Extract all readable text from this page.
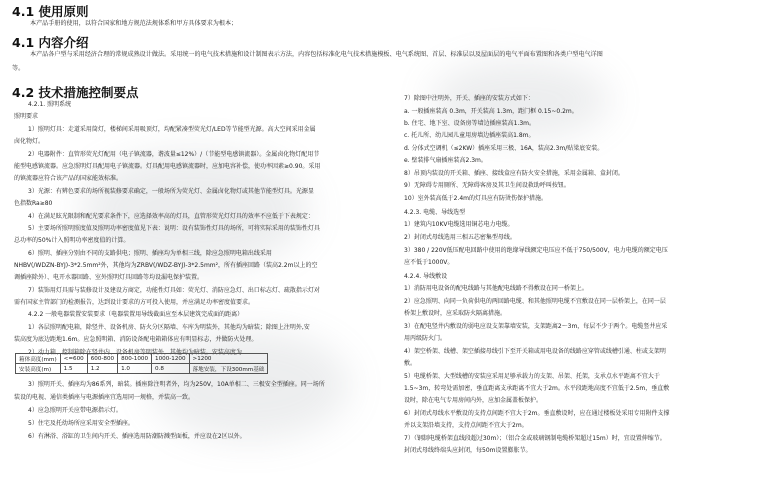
4.1 使用原则
本产品手册的使用，以符合国家和地方规范法规体系和甲方具体要求为根本；
4.1 内容介绍
本产品各户型与采用经济合理的常规成熟设计做法。采用统一的电气技术措施和设计制图表示方法，内容包括标准化电气技术措施模板、电气系统图、首层、标准层以及屋面层的电气平面布置图和各类户型电气详图
等。
4.2 技术措施控制要点
4.2.1. 照明系统
照明要求
1）照明灯具：走道采用筒灯，楼梯间采用吸顶灯，均配紧凑型荧光灯/LED等节能型光源。高大空间采用金属
卤化物灯。
2）电器附件：直管形荧光灯配用（电子镇流器，谐波量≤12%）/（节能型电感镇流器）。金属卤化物灯配用节
能型电感镇流器。应急照明灯具配用电子镇流器。灯具配用电感镇流器时，应加电容补偿，使功率因素≥0.90。采用
的镇流器应符合该产品的国家能效标准。
3）光源：有辨色要求的场所视装修要求确定，一般场所为荧光灯、金属卤化物灯或其他节能型灯具。光源显
色指数Ra≥80
4）在满足眩光限制和配光要求条件下，应选择效率高的灯具，直管形荧光灯灯具的效率不应低于下表规定：
5）主要场所照明照度值及照明功率密度值见下表：说明：设有装饰性灯具的场所，可将实际采用的装饰性灯具
总功率的50%计入照明功率密度值的计算。
6）照明、插座分别由不同的支路供电；照明、插座均为单相三线，除应急照明电箱出线采用
NHBV(/WDZN-BYJ)-3*2.5mm²外，其他均为ZRBV(/WDZ-BYJ)-3*2.5mm²，所有插座回路（装高2.2m以上的空
调插座除外）、电开水器回路、室外照明灯具回路等均设漏电保护装置。
7）装饰用灯具需与装修设计及建设方商定，功能性灯具如：荧光灯、消防应急灯、出口标志灯、疏散指示灯对
需有国家主管部门的检测报告，达到设计要求的方可投入使用，并应满足功率密度值要求。
4.2.2 一般电器装置安装要求（电器装置用导线截面应至本层建筑完成面的距离）
1）各层照明配电箱，除竖井、设备机房、防火分区隔墙、车库为明装外，其他均为暗装；除图上注明外,安
装高度为底边距地1.6m。应急照明箱、消防设备配电箱箱体应有明显标志，并做防火处理。
2）动力箱、控制箱除在竖井内、设备机房等明装外，其他均为暗装。安装高度为
箱体高度(mm)	<=600	600-800	800-1000	1000-1200	>1200
安装高度(m)	1.5	1.2	1.0	0.8	落地安装，下设300mm基础
3）照明开关、插座均为86系列，暗装。插座除注明者外，均为250V，10A单相二、三极安全型插座。同一场所
装设的电视、通信类插座与电源插座宜选用同一规格，并装高一致。
4）应急照明开关应带电源指示灯。
5）住宅及托幼场所应采用安全型插座。
6）有淋浴、浴缸的卫生间内开关、插座选用防潮防溅型面板，并应设在2区以外。
7）除图中注明外，开关、插座的安装方式如下：
a. 一般插座装高 0.3m，开关装高 1.3m，距门框 0.15~0.2m。
b. 住宅、地下室、设备房等墙边插座装高1.3m。
c. 托儿所、幼儿园儿童用房墙边插座装高1.8m。
d. 分体式空调机（≤2KW）插座采用三极、16A，装高2.3m/贴梁底安装。
e. 壁装排气扇插座装高2.3m。
8）吊顶内装设的开关箱、插座、接线盒应有防火安全措施，采用金属箱、盒封闭。
9）无障碍专用厕所、无障碍客房及其卫生间设救助呼叫按钮。
10）室外装高低于2.4m的灯具应有防烫伤保护措施。
4.2.3. 电缆、导线选型
1）建筑内10KV电缆选用铜芯电力电缆。
2）封闭式母线选用三相五芯密集型母线。
3）380 / 220V低压配电回路中使用的绝缘导线额定电压应不低于750/500V，电力电缆的额定电压
应不低于1000V。
4.2.4. 导线敷设
1）消防用电设备的配电线路与其他配电线路不得敷设在同一桥架上。
2）应急照明、向同一负荷供电的两回路电缆、和其他照明电缆不宜敷设在同一层桥架上，在同一层
桥架上敷设时，应采取防火隔离措施。
3）在配电竖井内敷设的弱电应设支架靠墙安装，支架距离2～3m，每层不少于两个。电缆竖井应采
用丙级防火门。
4）架空桥架、线槽、架空插接母线引下至开关箱或用电设备的线路应穿管或线槽引通、柱或支架明
敷。
5）电缆桥架、大型线槽的安装应采用足够承载力的支架、吊架、托架，支承点水平距离不宜大于
1.5~3m，转弯处需加密，垂直距离支承距离不宜大于2m。水平段距地高度不宜低于2.5m，垂直敷
设时，除在电气专用房间内外，应加金属盖板保护。
6）封闭式母线水平敷设的支持点间距不宜大于2m。垂直敷设时，应在通过楼板处采用专用附件支撑
并以支架沿墙支持，支持点间距不宜大于2m。
7）（钢制电缆桥架直线段超过30m）；（铝合金或玻璃钢制电缆桥架超过15m）时，宜设置伸缩节。
封闭式母线终端头应封闭，每50m设置膨胀节。
